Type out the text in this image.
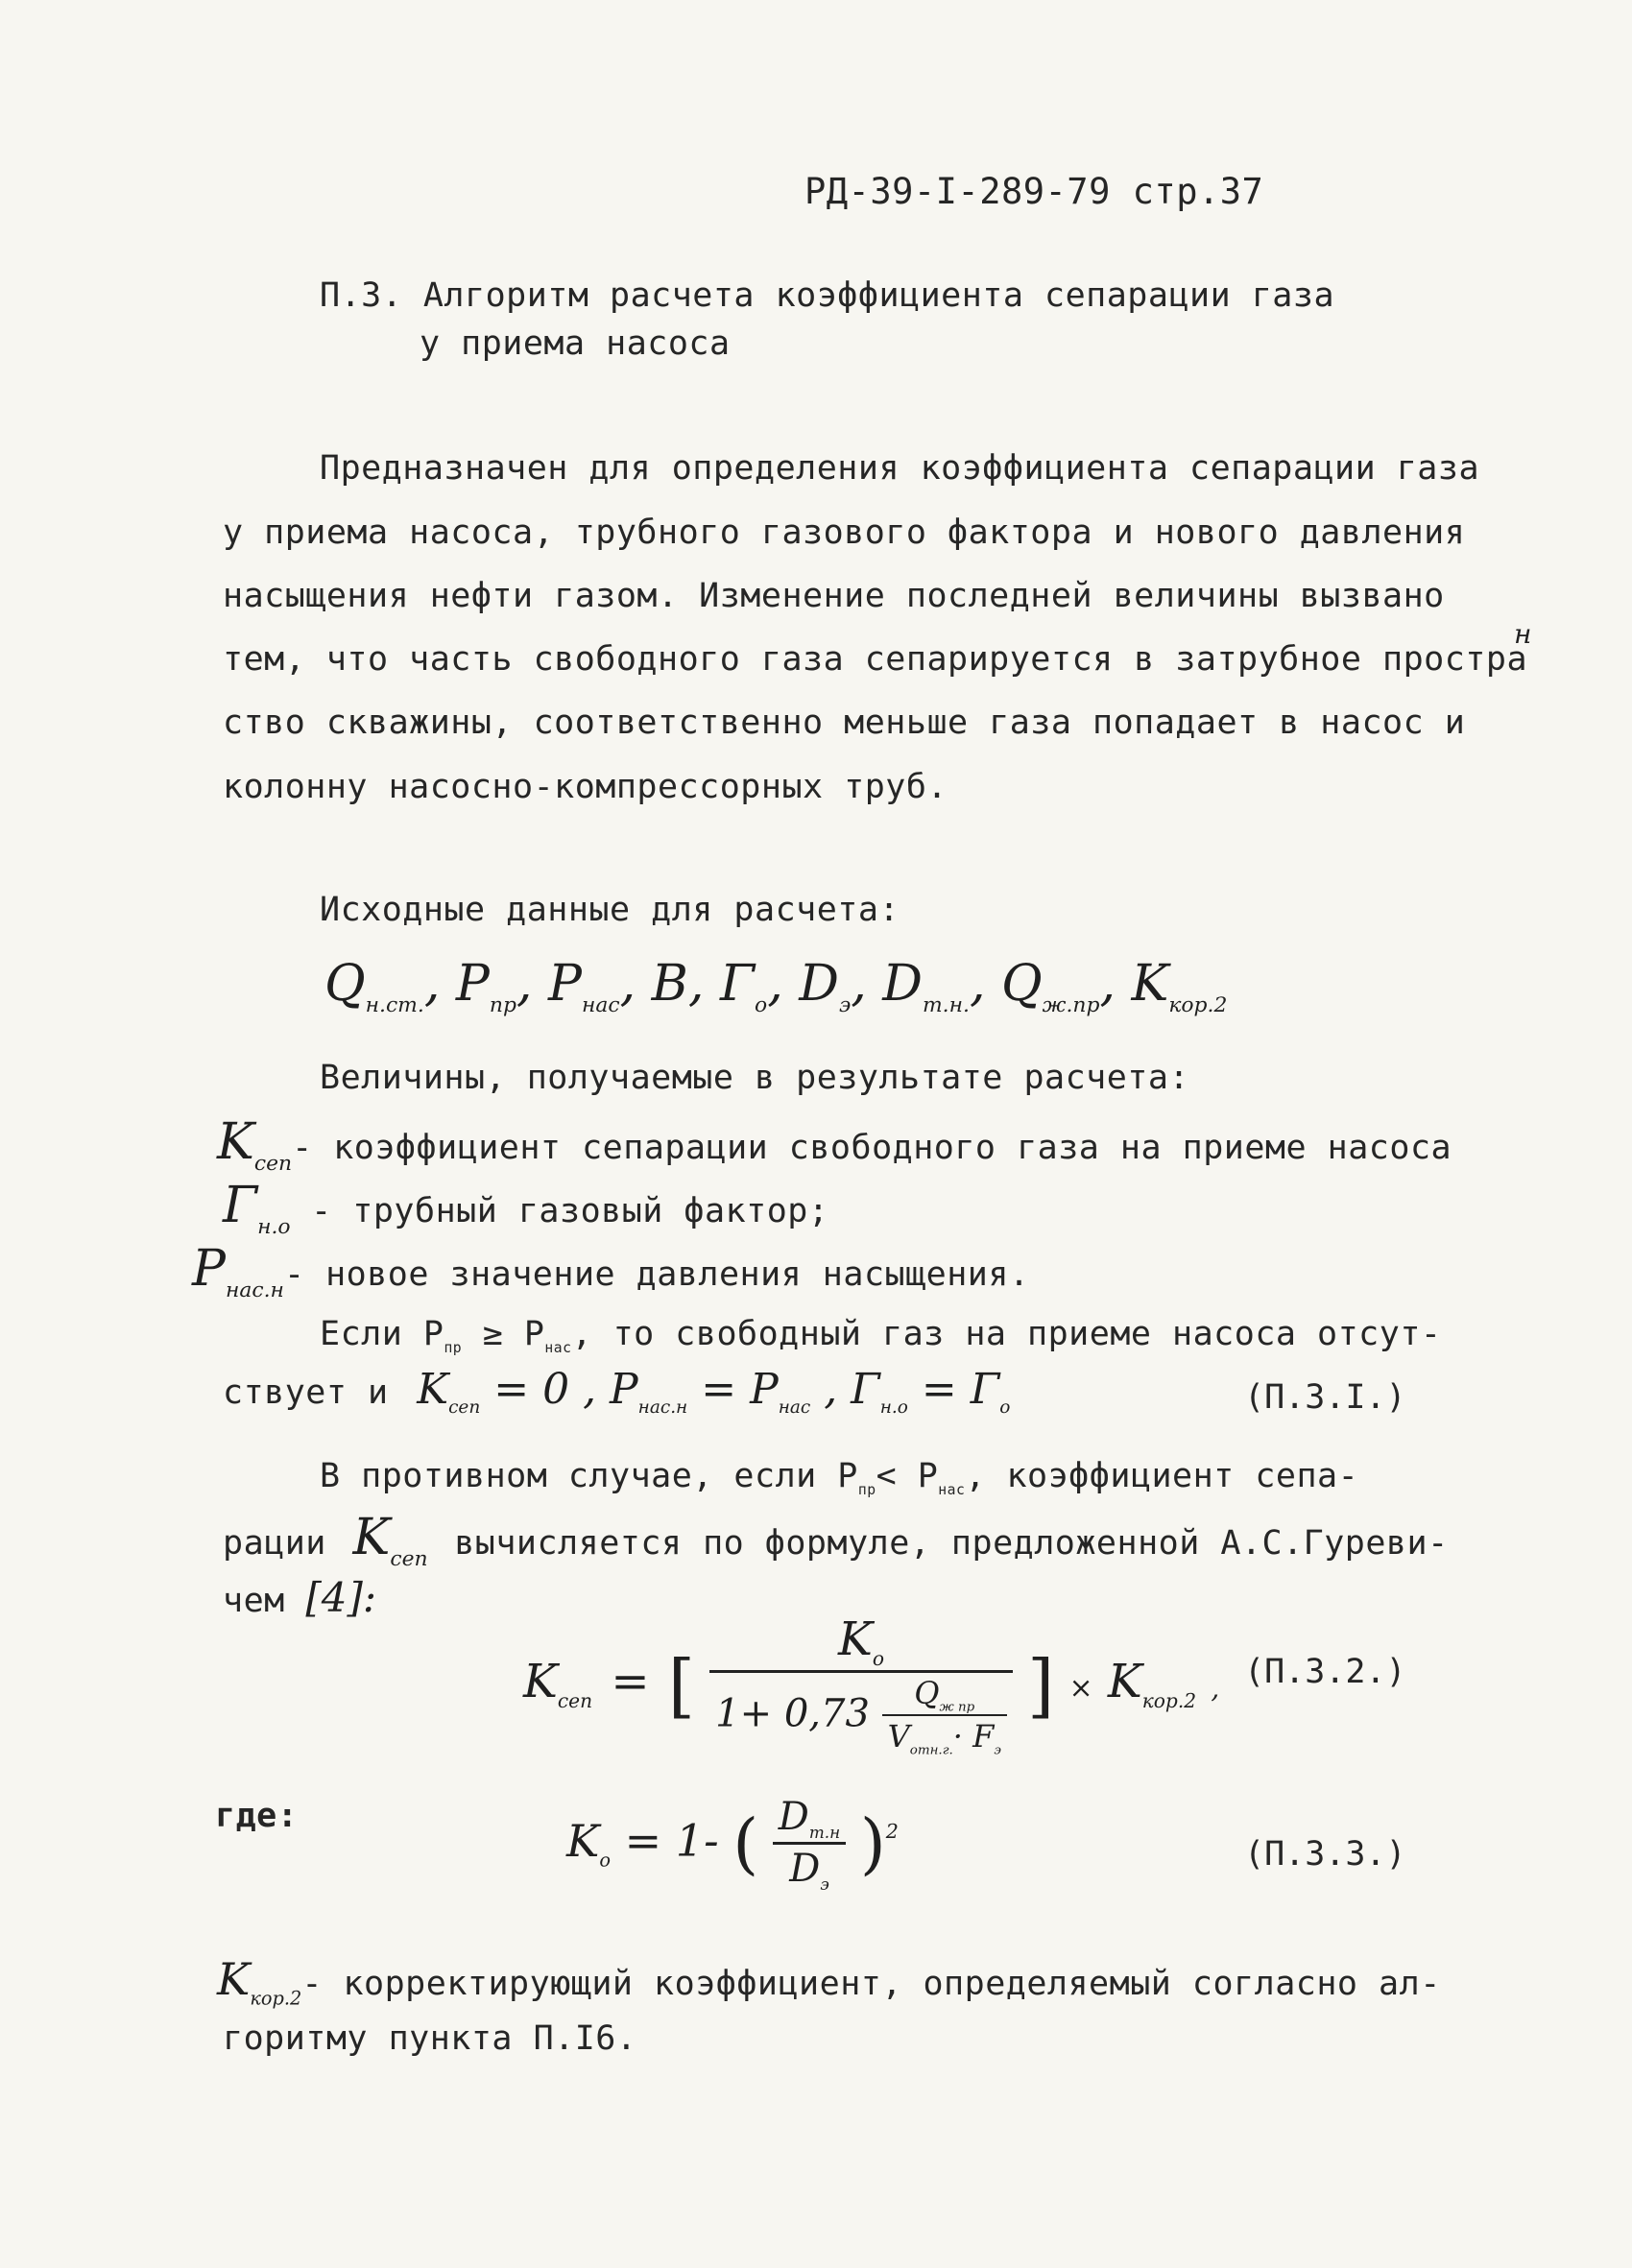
РД-39-I-289-79 стр.37
П.3. Алгоритм расчета коэффициента сепарации газа
у приема насоса
Предназначен для определения коэффициента сепарации газа
у приема насоса, трубного газового фактора и нового давления
насыщения нефти газом. Изменение последней величины вызвано
тем, что часть свободного газа сепарируется в затрубное простра$^н$
ство скважины, соответственно меньше газа попадает в насос и
колонну насосно-компрессорных труб.
Исходные данные для расчета:
$Q_{н.ст.}$, $P_{пр}$, $P_{нас}$, B, $\Gamma_о$, $D_э$, $D_{т.н.}$, $Q_{ж.пр}$, $K_{кор.2}$
Величины, получаемые в результате расчета:
$K_{сеп}-$ коэффициент сепарации свободного газа на приеме насоса
$\Gamma_{н.о}$ - трубный газовый фактор;
$P_{нас.н}-$ новое значение давления насыщения.
Если $P_{пр} \ge P_{нас}$, то свободный газ на приеме насоса отсут-
ствует и $K_{сеп} = 0$ , $P_{нас.н} = P_{нас}$ , $\Gamma_{н.о} = \Gamma_о$	(П.3.I.)
В противном случае, если $P_{пр}< P_{нас}$, коэффициент сепа-
рации $K_{сеп}$ вычисляется по формуле, предложенной А.С.Гуреви-
чем [4]:
$K_{сеп}$ = [ $\frac{K_о}{1+ 0,73 \frac{Q_{ж пр}}{V_{отн.г.}\cdot F_э}}$ ] × $K_{кор.2}$ , (П.3.2.)
где:	$K_о = 1-$ ( $\frac{D_{т.н}}{D_э} )^2$
(П.3.3.)
$K_{кор.2}-$ корректирующий коэффициент, определяемый согласно ал-
горитму пункта П.I6.
